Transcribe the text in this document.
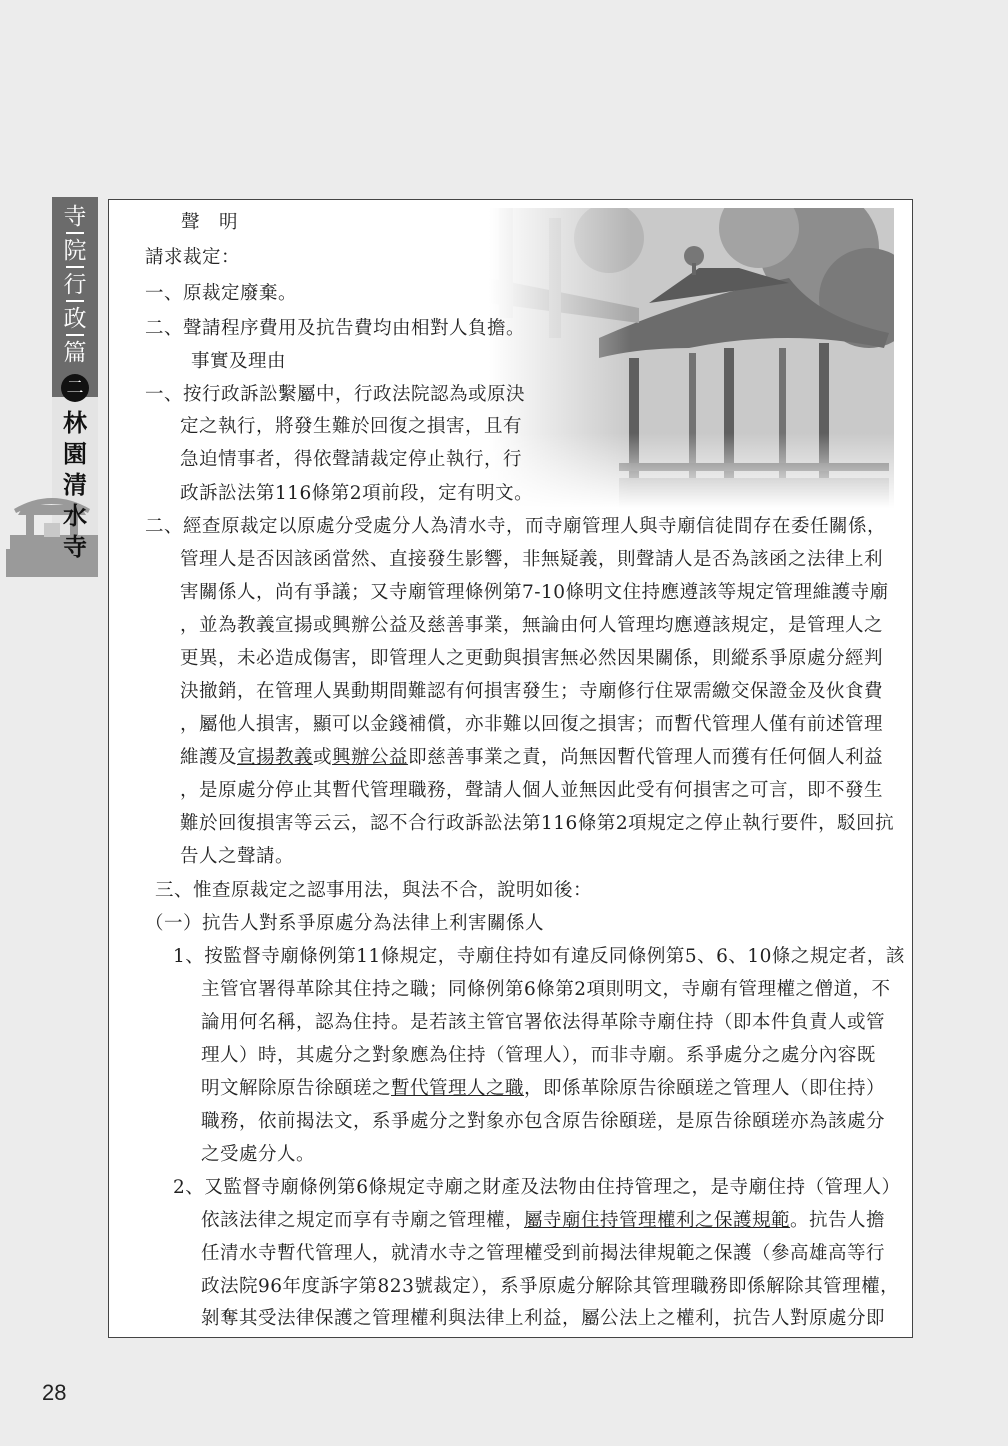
寺
院
行
政
篇
二
林
園
清
水
寺
聲　明
請求裁定：
一、原裁定廢棄。
二、聲請程序費用及抗告費均由相對人負擔。
事實及理由
一、按行政訴訟繫屬中，行政法院認為或原決
定之執行，將發生難於回復之損害，且有
急迫情事者，得依聲請裁定停止執行，行
政訴訟法第116條第2項前段，定有明文。
二、經查原裁定以原處分受處分人為清水寺，而寺廟管理人與寺廟信徒間存在委任關係，
管理人是否因該函當然、直接發生影響，非無疑義，則聲請人是否為該函之法律上利
害關係人，尚有爭議；又寺廟管理條例第7-10條明文住持應遵該等規定管理維護寺廟
，並為教義宣揚或興辦公益及慈善事業，無論由何人管理均應遵該規定，是管理人之
更異，未必造成傷害，即管理人之更動與損害無必然因果關係，則縱系爭原處分經判
決撤銷，在管理人異動期間難認有何損害發生；寺廟修行住眾需繳交保證金及伙食費
，屬他人損害，顯可以金錢補償，亦非難以回復之損害；而暫代管理人僅有前述管理
維護及宣揚教義或興辦公益即慈善事業之責，尚無因暫代管理人而獲有任何個人利益
，是原處分停止其暫代管理職務，聲請人個人並無因此受有何損害之可言，即不發生
難於回復損害等云云，認不合行政訴訟法第116條第2項規定之停止執行要件，駁回抗
告人之聲請。
三、惟查原裁定之認事用法，與法不合，說明如後：
（一）抗告人對系爭原處分為法律上利害關係人
1、按監督寺廟條例第11條規定，寺廟住持如有違反同條例第5、6、10條之規定者，該
主管官署得革除其住持之職；同條例第6條第2項則明文，寺廟有管理權之僧道，不
論用何名稱，認為住持。是若該主管官署依法得革除寺廟住持（即本件負責人或管
理人）時，其處分之對象應為住持（管理人），而非寺廟。系爭處分之處分內容既
明文解除原告徐頤瑳之暫代管理人之職，即係革除原告徐頤瑳之管理人（即住持）
職務，依前揭法文，系爭處分之對象亦包含原告徐頤瑳，是原告徐頤瑳亦為該處分
之受處分人。
2、又監督寺廟條例第6條規定寺廟之財產及法物由住持管理之，是寺廟住持（管理人）
依該法律之規定而享有寺廟之管理權，屬寺廟住持管理權利之保護規範。抗告人擔
任清水寺暫代管理人，就清水寺之管理權受到前揭法律規範之保護（參高雄高等行
政法院96年度訴字第823號裁定），系爭原處分解除其管理職務即係解除其管理權，
剝奪其受法律保護之管理權利與法律上利益，屬公法上之權利，抗告人對原處分即
28
